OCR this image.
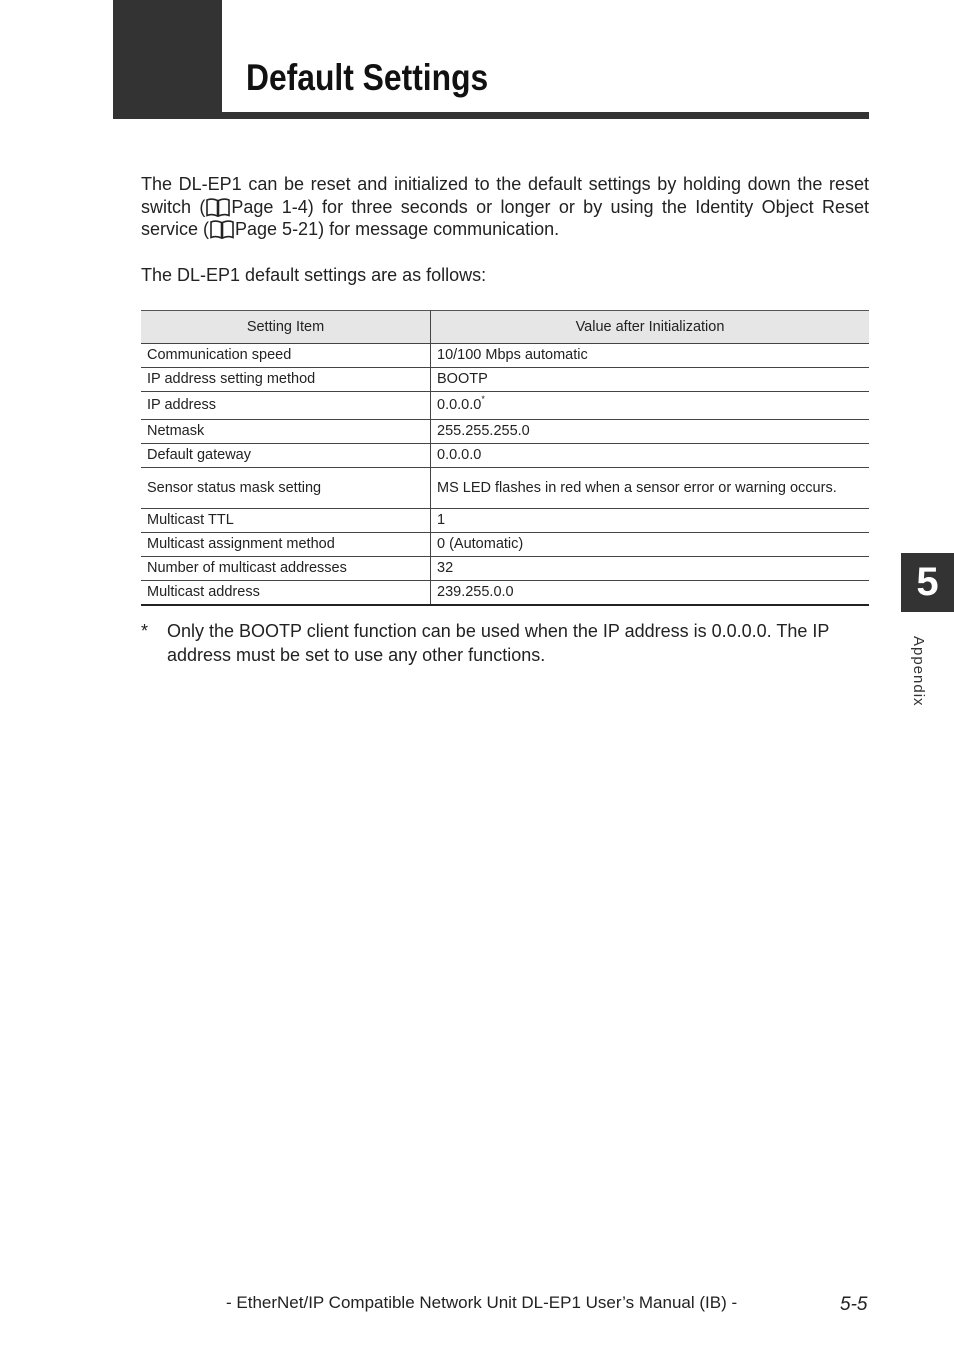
Default Settings

The DL-EP1 can be reset and initialized to the default settings by holding down the reset switch ( Page 1-4) for three seconds or longer or by using the Identity Object Reset service ( Page 5-21) for message communication.

The DL-EP1 default settings are as follows:

Setting Item	Value after Initialization
Communication speed	10/100 Mbps automatic
IP address setting method	BOOTP
IP address	0.0.0.0*
Netmask	255.255.255.0
Default gateway	0.0.0.0
Sensor status mask setting	MS LED flashes in red when a sensor error or warning occurs.
Multicast TTL	1
Multicast assignment method	0 (Automatic)
Number of multicast addresses	32
Multicast address	239.255.0.0
* Only the BOOTP client function can be used when the IP address is 0.0.0.0. The IP address must be set to use any other functions.
5
Appendix

- EtherNet/IP Compatible Network Unit DL-EP1 User’s Manual (IB) -	5-5
